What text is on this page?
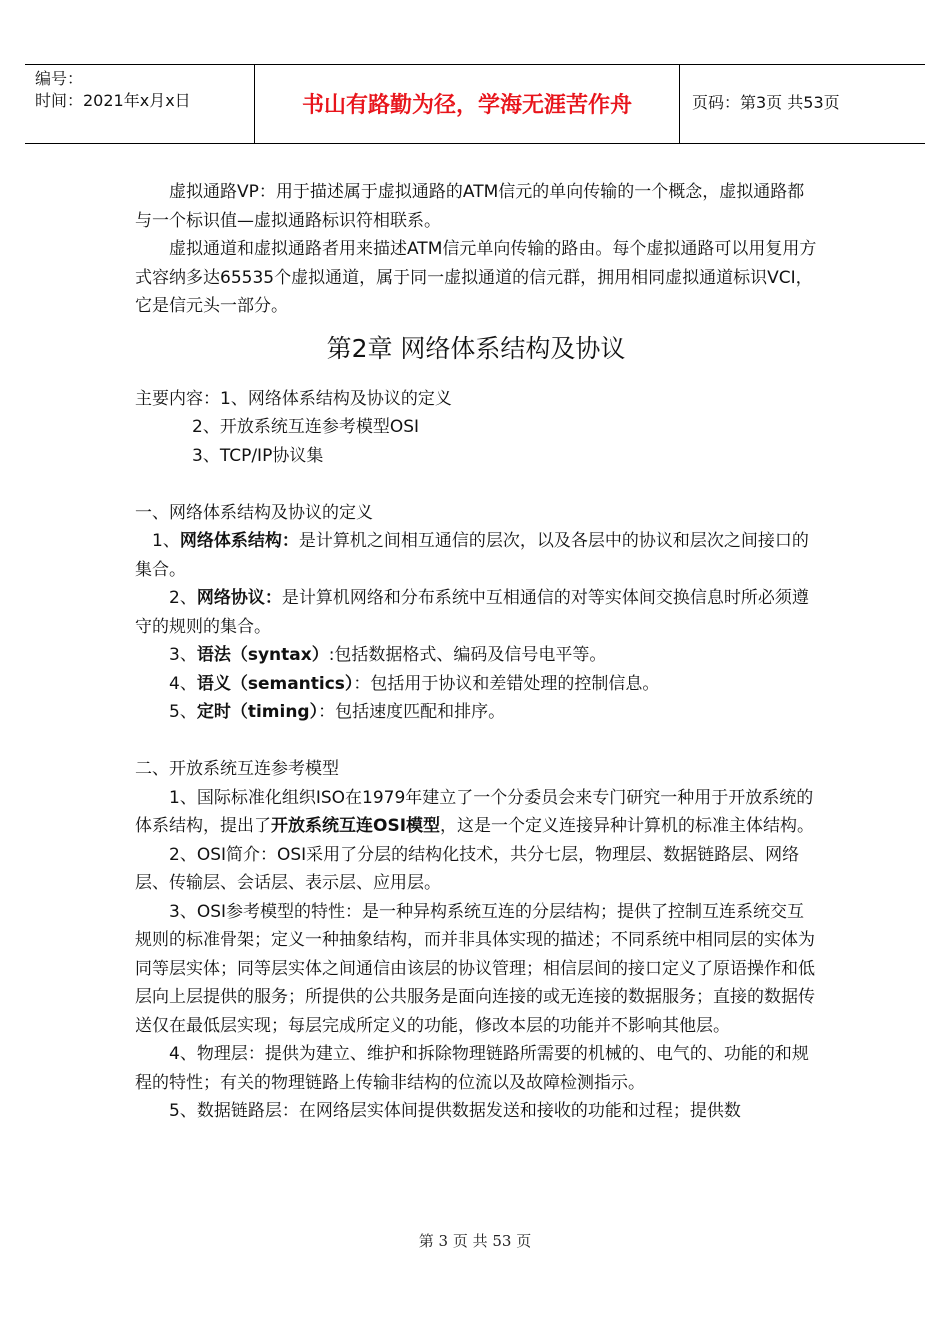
编号：
时间：2021年x月x日	书山有路勤为径，学海无涯苦作舟	页码：第3页 共53页

虚拟通路VP：用于描述属于虚拟通路的ATM信元的单向传输的一个概念，虚拟通路都与一个标识值—虚拟通路标识符相联系。

虚拟通道和虚拟通路者用来描述ATM信元单向传输的路由。每个虚拟通路可以用复用方式容纳多达65535个虚拟通道，属于同一虚拟通道的信元群，拥用相同虚拟通道标识VCI，它是信元头一部分。

第2章 网络体系结构及协议

主要内容：1、网络体系结构及协议的定义

2、开放系统互连参考模型OSI

3、TCP/IP协议集

一、网络体系结构及协议的定义

1、网络体系结构：是计算机之间相互通信的层次，以及各层中的协议和层次之间接口的集合。

2、网络协议：是计算机网络和分布系统中互相通信的对等实体间交换信息时所必须遵守的规则的集合。

3、语法（syntax）:包括数据格式、编码及信号电平等。

4、语义（semantics）：包括用于协议和差错处理的控制信息。

5、定时（timing）：包括速度匹配和排序。

二、开放系统互连参考模型

1、国际标准化组织ISO在1979年建立了一个分委员会来专门研究一种用于开放系统的体系结构，提出了开放系统互连OSI模型，这是一个定义连接异种计算机的标准主体结构。

2、OSI简介：OSI采用了分层的结构化技术，共分七层，物理层、数据链路层、网络层、传输层、会话层、表示层、应用层。

3、OSI参考模型的特性：是一种异构系统互连的分层结构；提供了控制互连系统交互规则的标准骨架；定义一种抽象结构，而并非具体实现的描述；不同系统中相同层的实体为同等层实体；同等层实体之间通信由该层的协议管理；相信层间的接口定义了原语操作和低层向上层提供的服务；所提供的公共服务是面向连接的或无连接的数据服务；直接的数据传送仅在最低层实现；每层完成所定义的功能，修改本层的功能并不影响其他层。

4、物理层：提供为建立、维护和拆除物理链路所需要的机械的、电气的、功能的和规程的特性；有关的物理链路上传输非结构的位流以及故障检测指示。

5、数据链路层：在网络层实体间提供数据发送和接收的功能和过程；提供数

第 3 页 共 53 页
